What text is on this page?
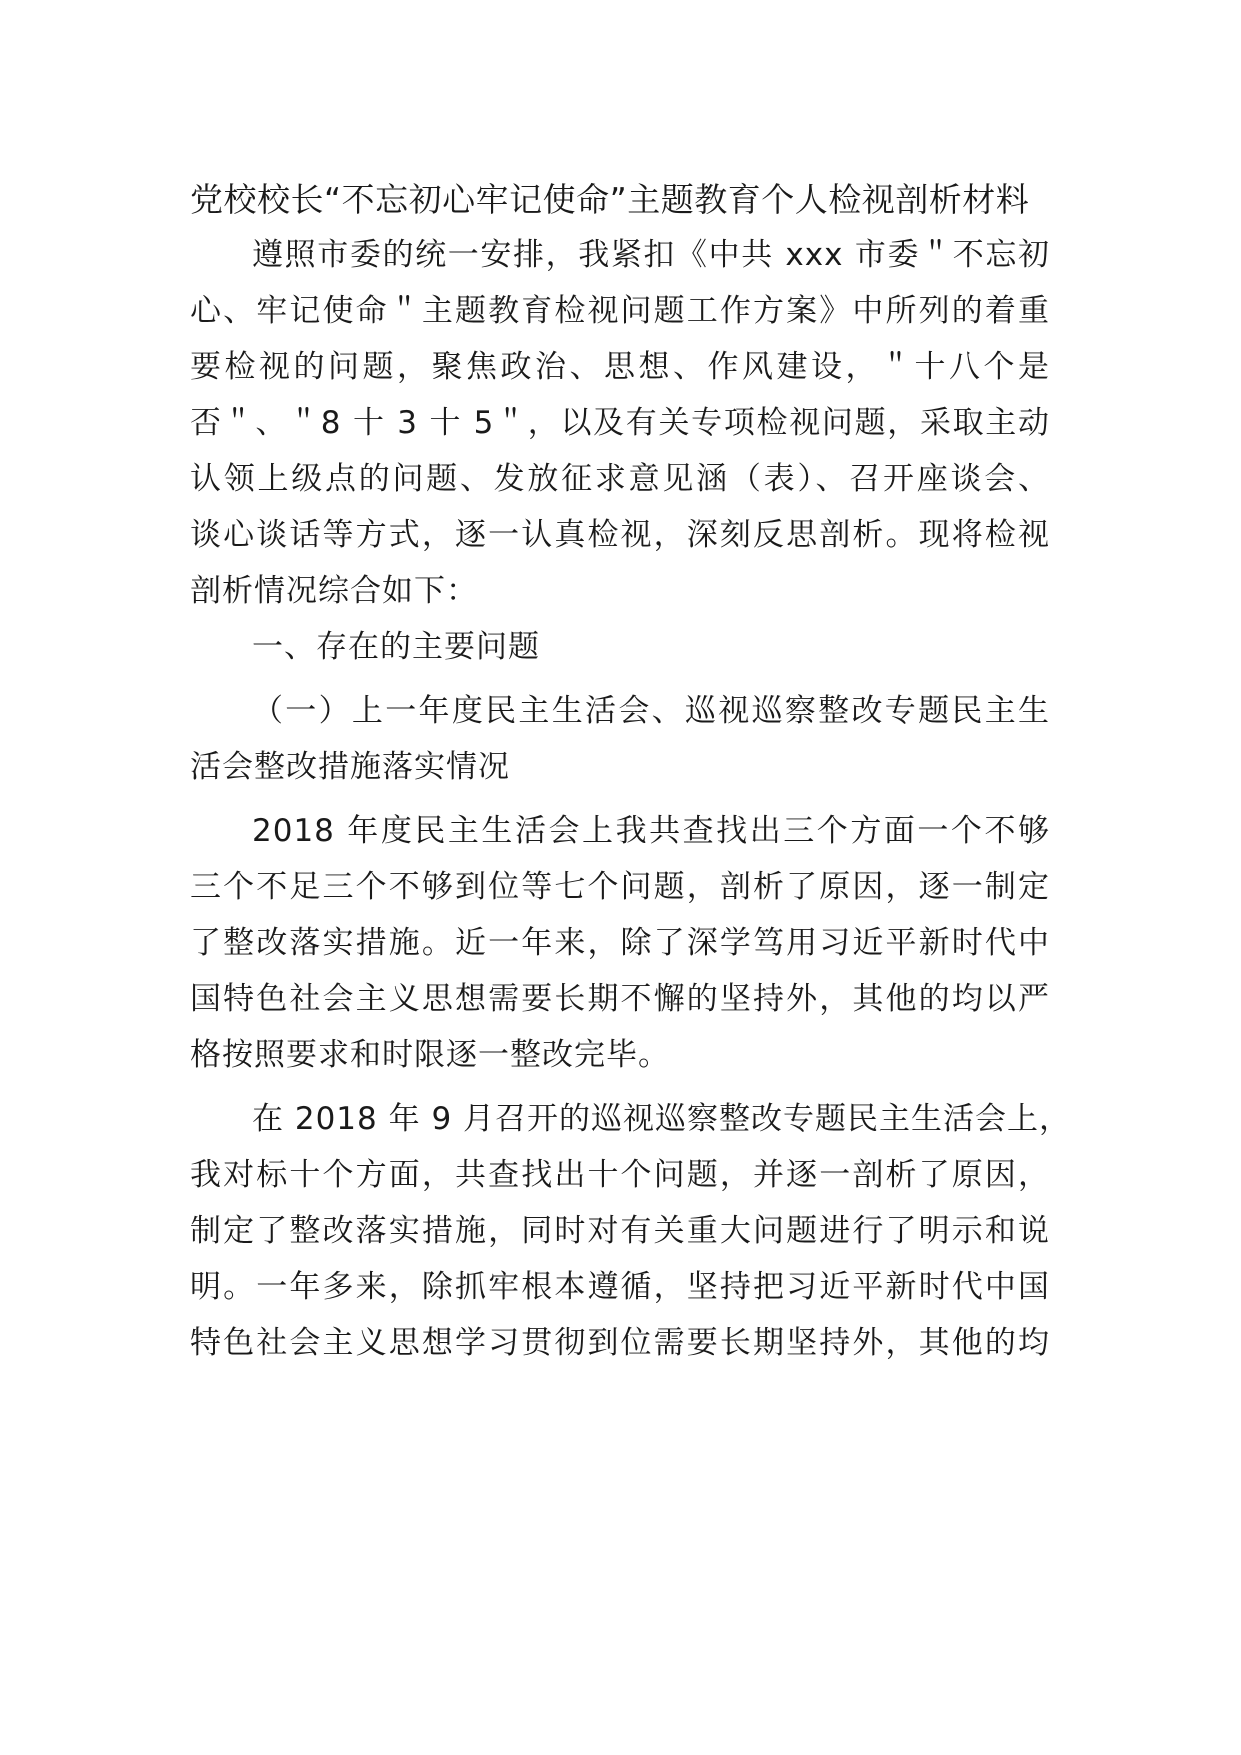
党校校长“不忘初心牢记使命”主题教育个人检视剖析材料
遵照市委的统一安排，我紧扣《中共 xxx 市委＂不忘初
心、牢记使命＂主题教育检视问题工作方案》中所列的着重
要检视的问题，聚焦政治、思想、作风建设，＂十八个是
否＂、＂8 十 3 十 5＂，以及有关专项检视问题，采取主动
认领上级点的问题、发放征求意见涵（表）、召开座谈会、
谈心谈话等方式，逐一认真检视，深刻反思剖析。现将检视
剖析情况综合如下：
一、存在的主要问题
（一）上一年度民主生活会、巡视巡察整改专题民主生
活会整改措施落实情况
2018 年度民主生活会上我共查找出三个方面一个不够
三个不足三个不够到位等七个问题，剖析了原因，逐一制定
了整改落实措施。近一年来，除了深学笃用习近平新时代中
国特色社会主义思想需要长期不懈的坚持外，其他的均以严
格按照要求和时限逐一整改完毕。
在 2018 年 9 月召开的巡视巡察整改专题民主生活会上，
我对标十个方面，共查找出十个问题，并逐一剖析了原因，
制定了整改落实措施，同时对有关重大问题进行了明示和说
明。一年多来，除抓牢根本遵循，坚持把习近平新时代中国
特色社会主义思想学习贯彻到位需要长期坚持外，其他的均
